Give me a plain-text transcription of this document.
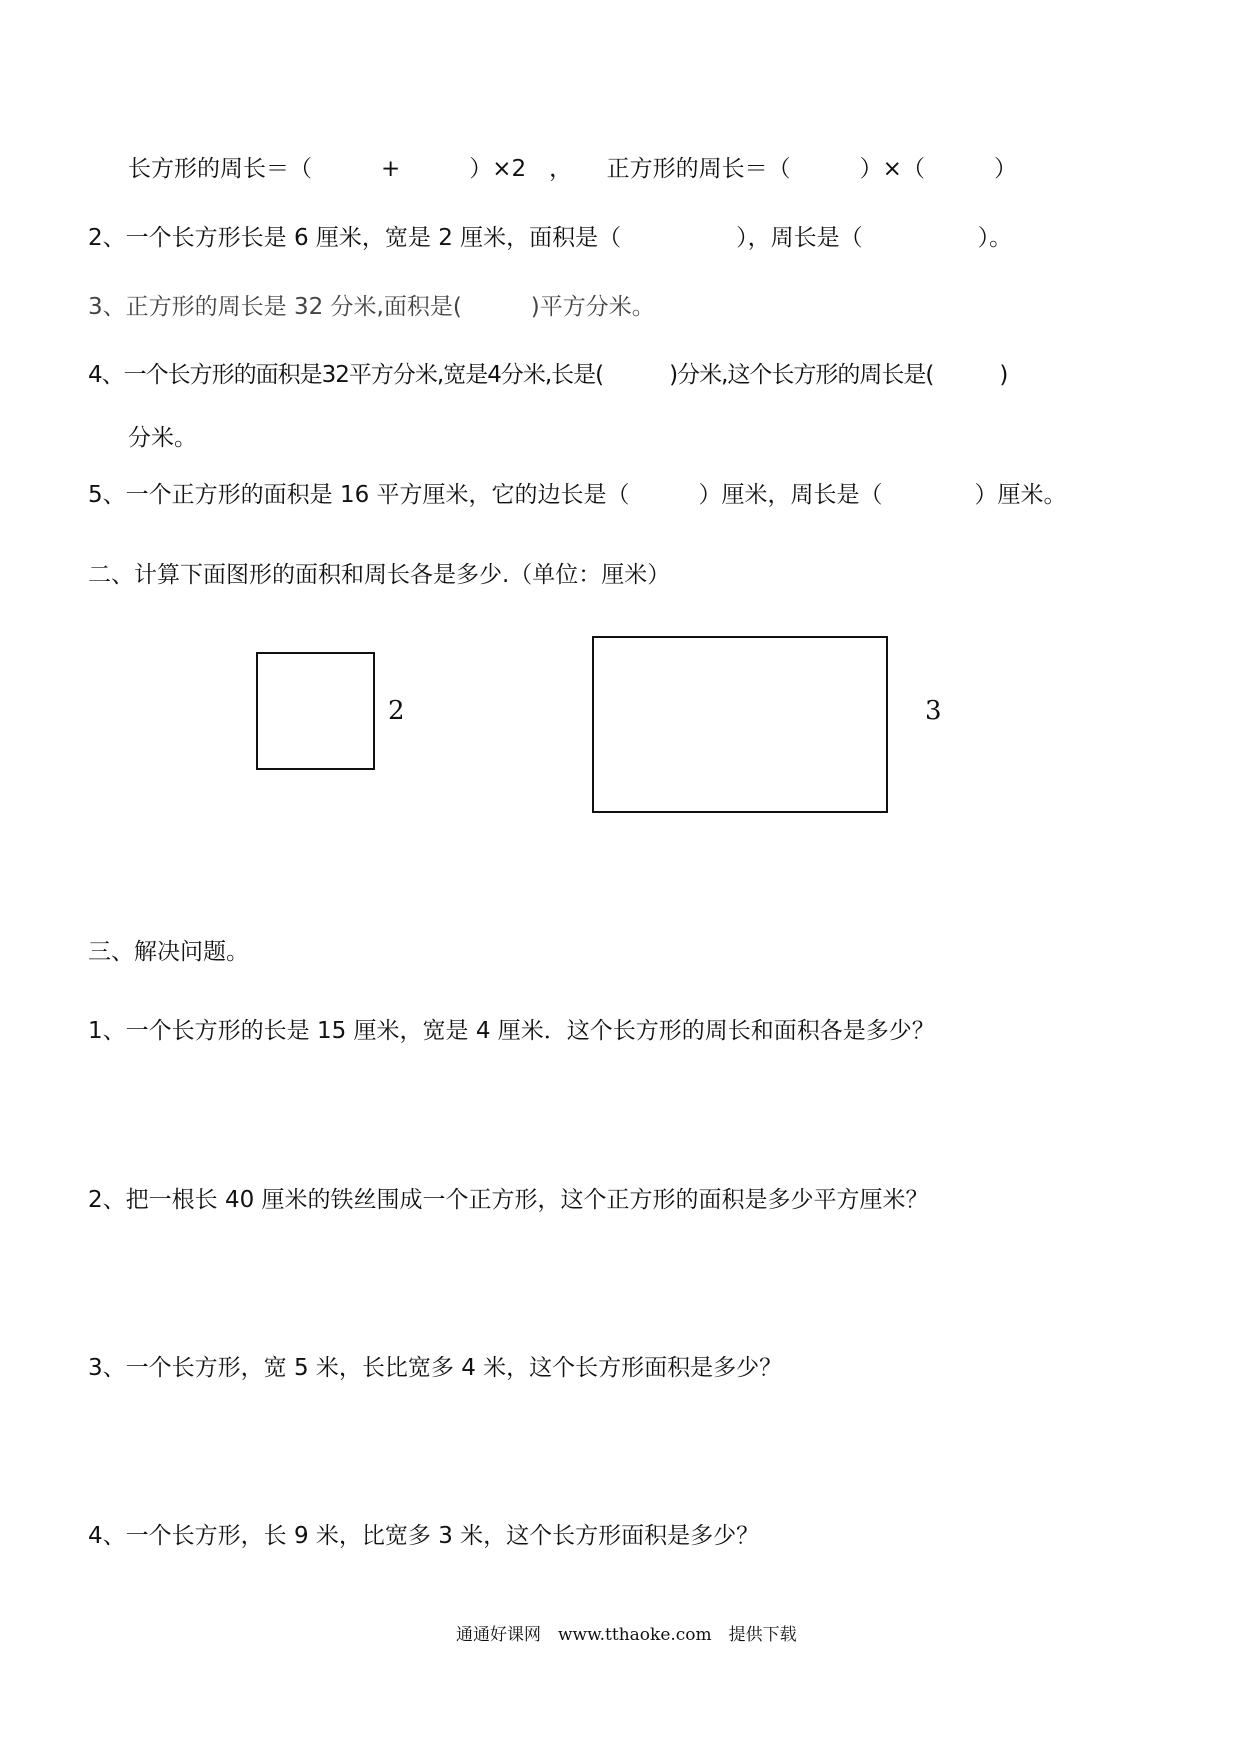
长方形的周长＝（　　　+　　　）×2　，　　正方形的周长＝（　　　）×（　　　）
2、一个长方形长是 6 厘米，宽是 2 厘米，面积是（　　　　　），周长是（　　　　　）。
3、正方形的周长是 32 分米,面积是(　　　)平方分米。
4、一个长方形的面积是32平方分米,宽是4分米,长是(　　　)分米,这个长方形的周长是(　　　)
分米。
5、一个正方形的面积是 16 平方厘米，它的边长是（　　　）厘米，周长是（　　　　）厘米。
二、计算下面图形的面积和周长各是多少.（单位：厘米）
2	3
三、解决问题。
1、一个长方形的长是 15 厘米，宽是 4 厘米．这个长方形的周长和面积各是多少？
2、把一根长 40 厘米的铁丝围成一个正方形，这个正方形的面积是多少平方厘米？
3、一个长方形，宽 5 米，长比宽多 4 米，这个长方形面积是多少？
4、一个长方形，长 9 米，比宽多 3 米，这个长方形面积是多少？
通通好课网　www.tthaoke.com　提供下载
